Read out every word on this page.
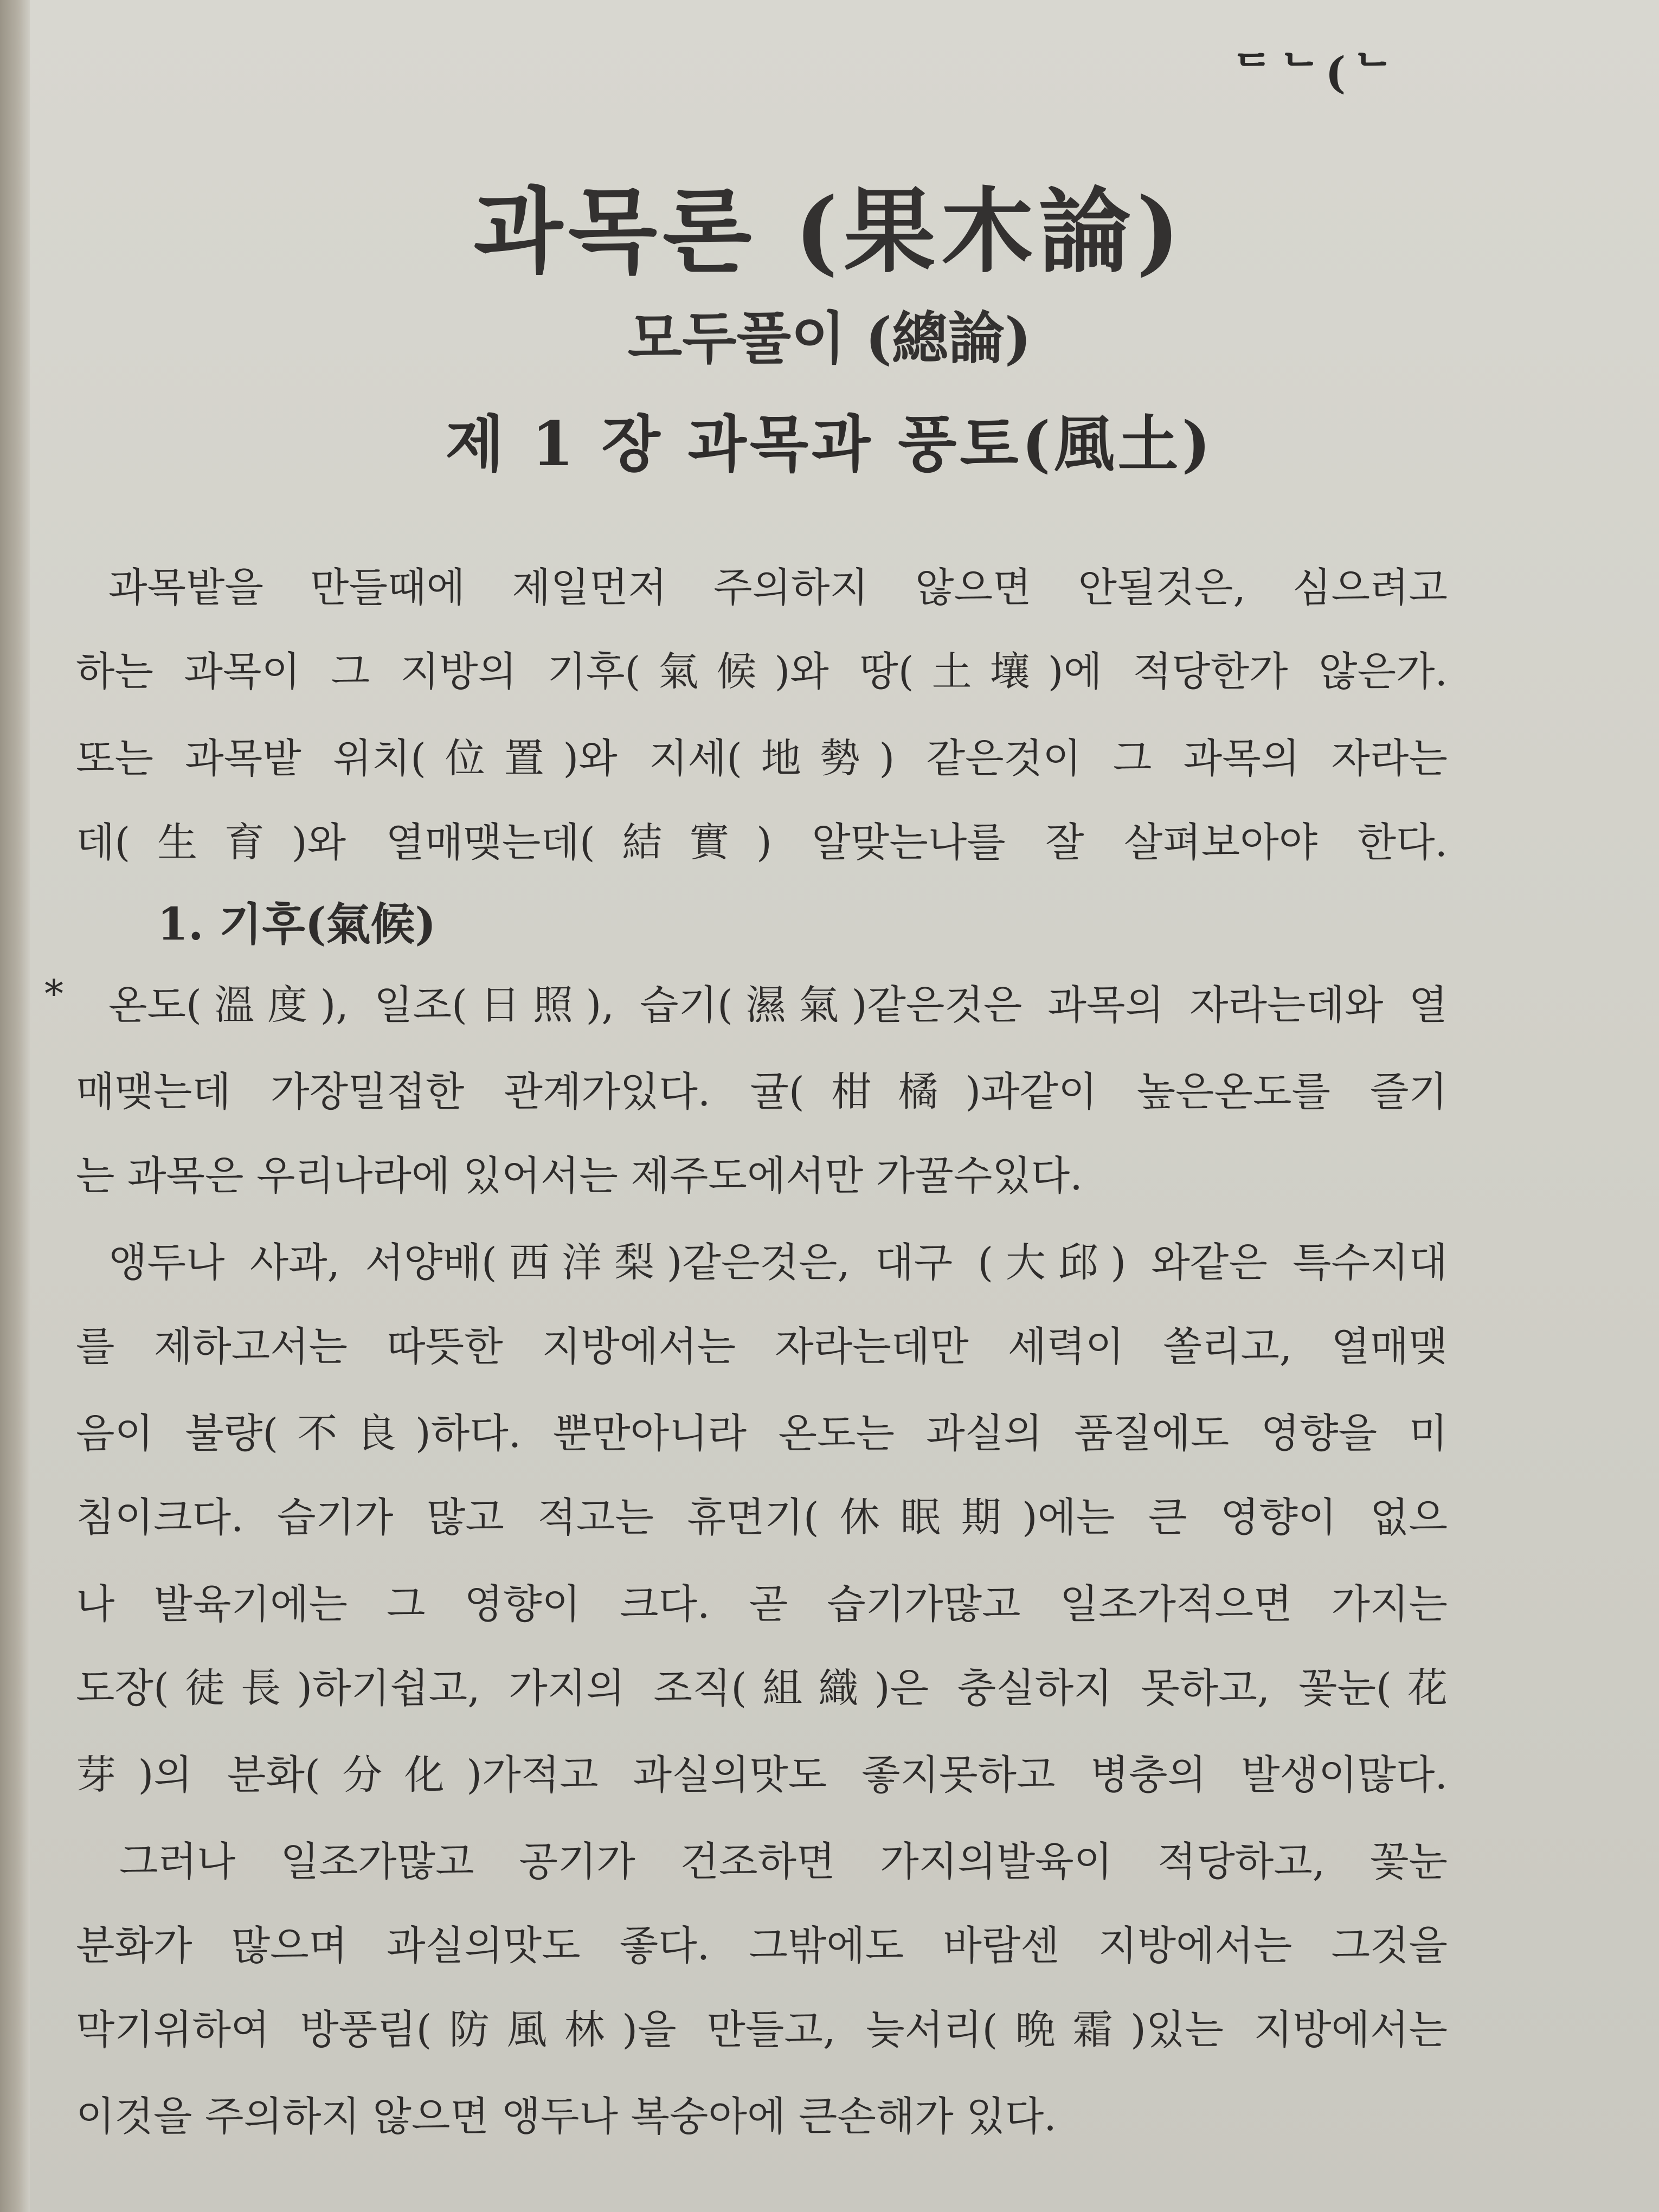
ᄃᄂ(ᄂ
과목론 (果木論)
모두풀이 (總論)
제 1 장 과목과 풍토(風土)
과목밭을 만들때에 제일먼저 주의하지 않으면 안될것은, 심으려고
하는 과목이 그 지방의 기후(氣候)와 땅(土壤)에 적당한가 않은가.
또는 과목밭 위치(位置)와 지세(地勢) 같은것이 그 과목의 자라는
데(生育)와 열매맺는데(結實) 알맞는나를 잘 살펴보아야 한다.
1. 기후(氣候)
* 온도(溫度), 일조(日照), 습기(濕氣)같은것은 과목의 자라는데와 열
매맺는데 가장밀접한 관계가있다. 귤(柑橘)과같이 높은온도를 즐기
는 과목은 우리나라에 있어서는 제주도에서만 가꿀수있다.
앵두나 사과, 서양배(西洋梨)같은것은, 대구 (大邱) 와같은 특수지대
를 제하고서는 따뜻한 지방에서는 자라는데만 세력이 쏠리고, 열매맺
음이 불량(不良)하다. 뿐만아니라 온도는 과실의 품질에도 영향을 미
침이크다. 습기가 많고 적고는 휴면기(休眠期)에는 큰 영향이 없으
나 발육기에는 그 영향이 크다. 곧 습기가많고 일조가적으면 가지는
도장(徒長)하기쉽고, 가지의 조직(組織)은 충실하지 못하고, 꽃눈(花
芽)의 분화(分化)가적고 과실의맛도 좋지못하고 병충의 발생이많다.
그러나 일조가많고 공기가 건조하면 가지의발육이 적당하고, 꽃눈
분화가 많으며 과실의맛도 좋다. 그밖에도 바람센 지방에서는 그것을
막기위하여 방풍림(防風林)을 만들고, 늦서리(晩霜)있는 지방에서는
이것을 주의하지 않으면 앵두나 복숭아에 큰손해가 있다.
